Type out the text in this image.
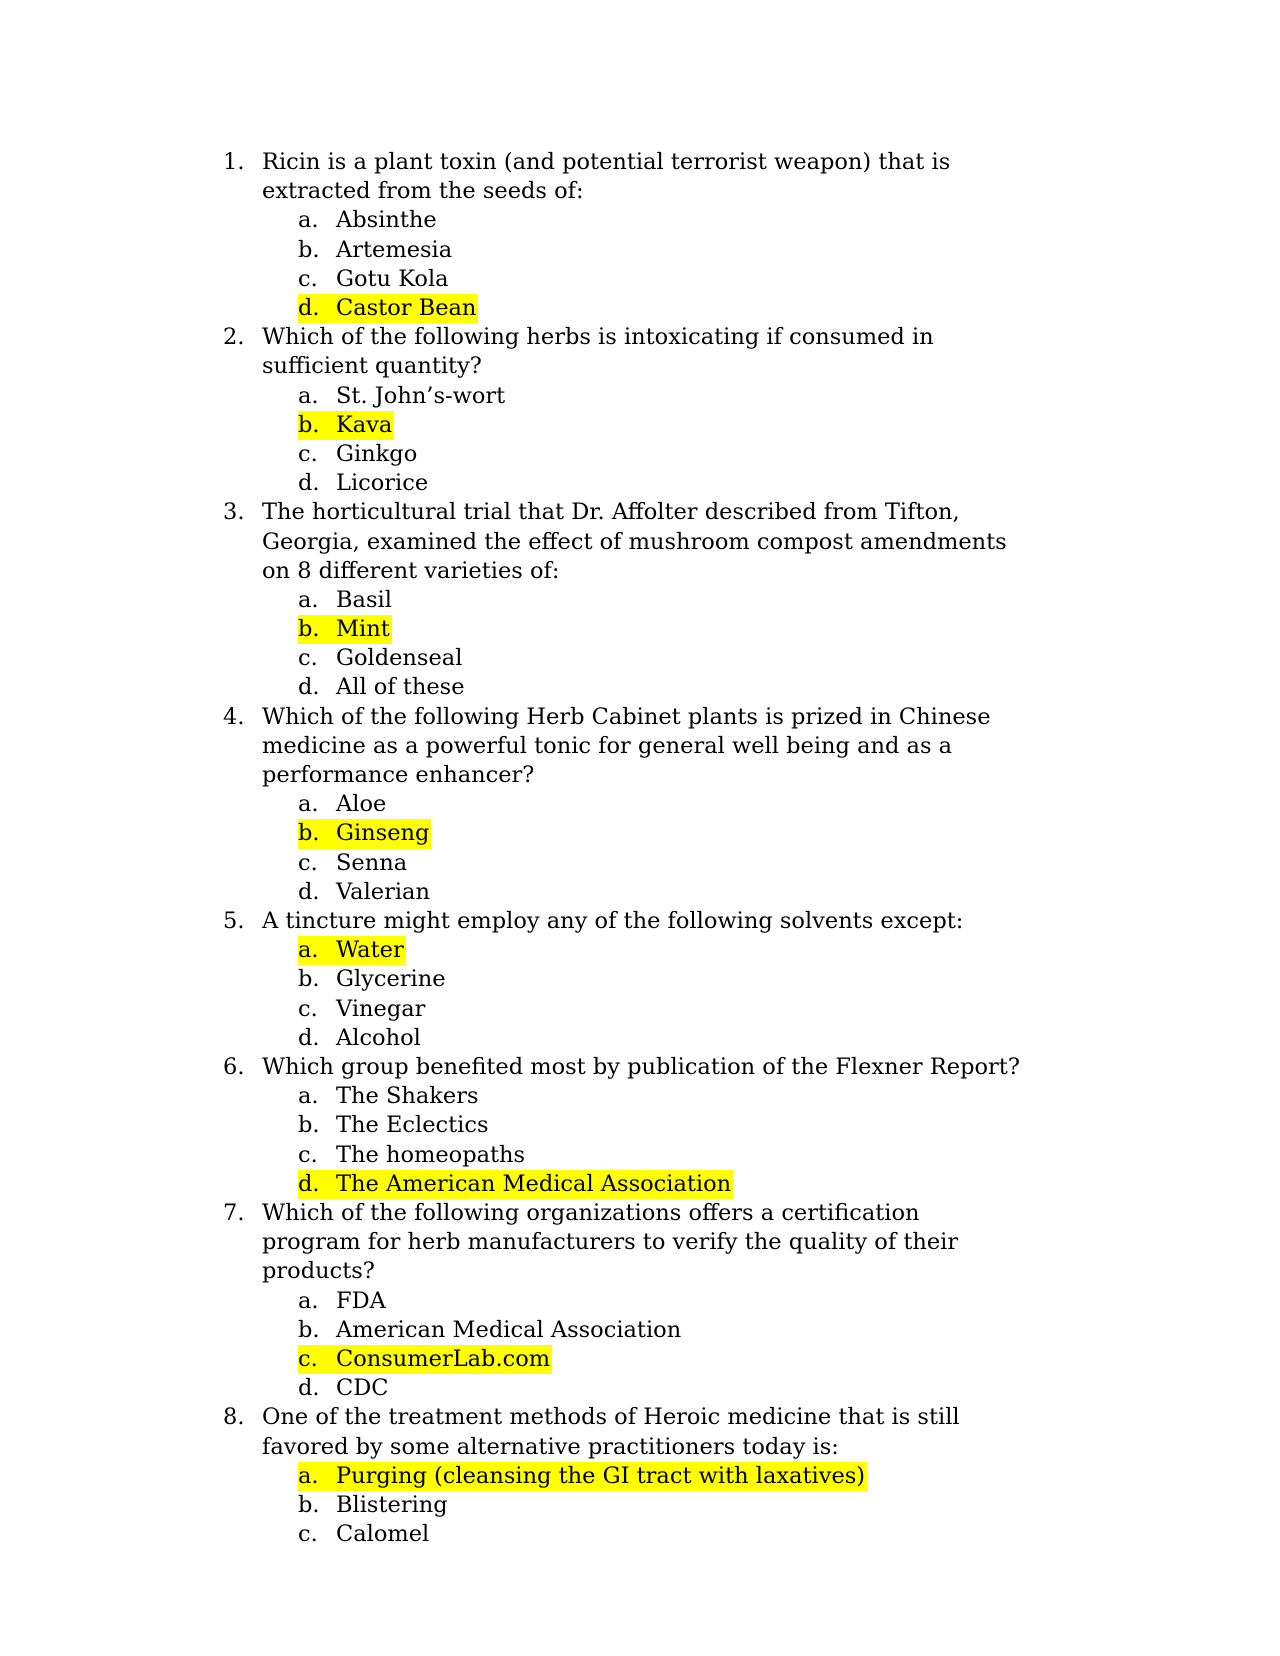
1. Ricin is a plant toxin (and potential terrorist weapon) that is extracted from the seeds of:
a. Absinthe
b. Artemesia
c. Gotu Kola
d. Castor Bean
2. Which of the following herbs is intoxicating if consumed in sufficient quantity?
a. St. John’s-wort
b. Kava
c. Ginkgo
d. Licorice
3. The horticultural trial that Dr. Affolter described from Tifton, Georgia, examined the effect of mushroom compost amendments on 8 different varieties of:
a. Basil
b. Mint
c. Goldenseal
d. All of these
4. Which of the following Herb Cabinet plants is prized in Chinese medicine as a powerful tonic for general well being and as a performance enhancer?
a. Aloe
b. Ginseng
c. Senna
d. Valerian
5. A tincture might employ any of the following solvents except:
a. Water
b. Glycerine
c. Vinegar
d. Alcohol
6. Which group benefited most by publication of the Flexner Report?
a. The Shakers
b. The Eclectics
c. The homeopaths
d. The American Medical Association
7. Which of the following organizations offers a certification program for herb manufacturers to verify the quality of their products?
a. FDA
b. American Medical Association
c. ConsumerLab.com
d. CDC
8. One of the treatment methods of Heroic medicine that is still favored by some alternative practitioners today is:
a. Purging (cleansing the GI tract with laxatives)
b. Blistering
c. Calomel
